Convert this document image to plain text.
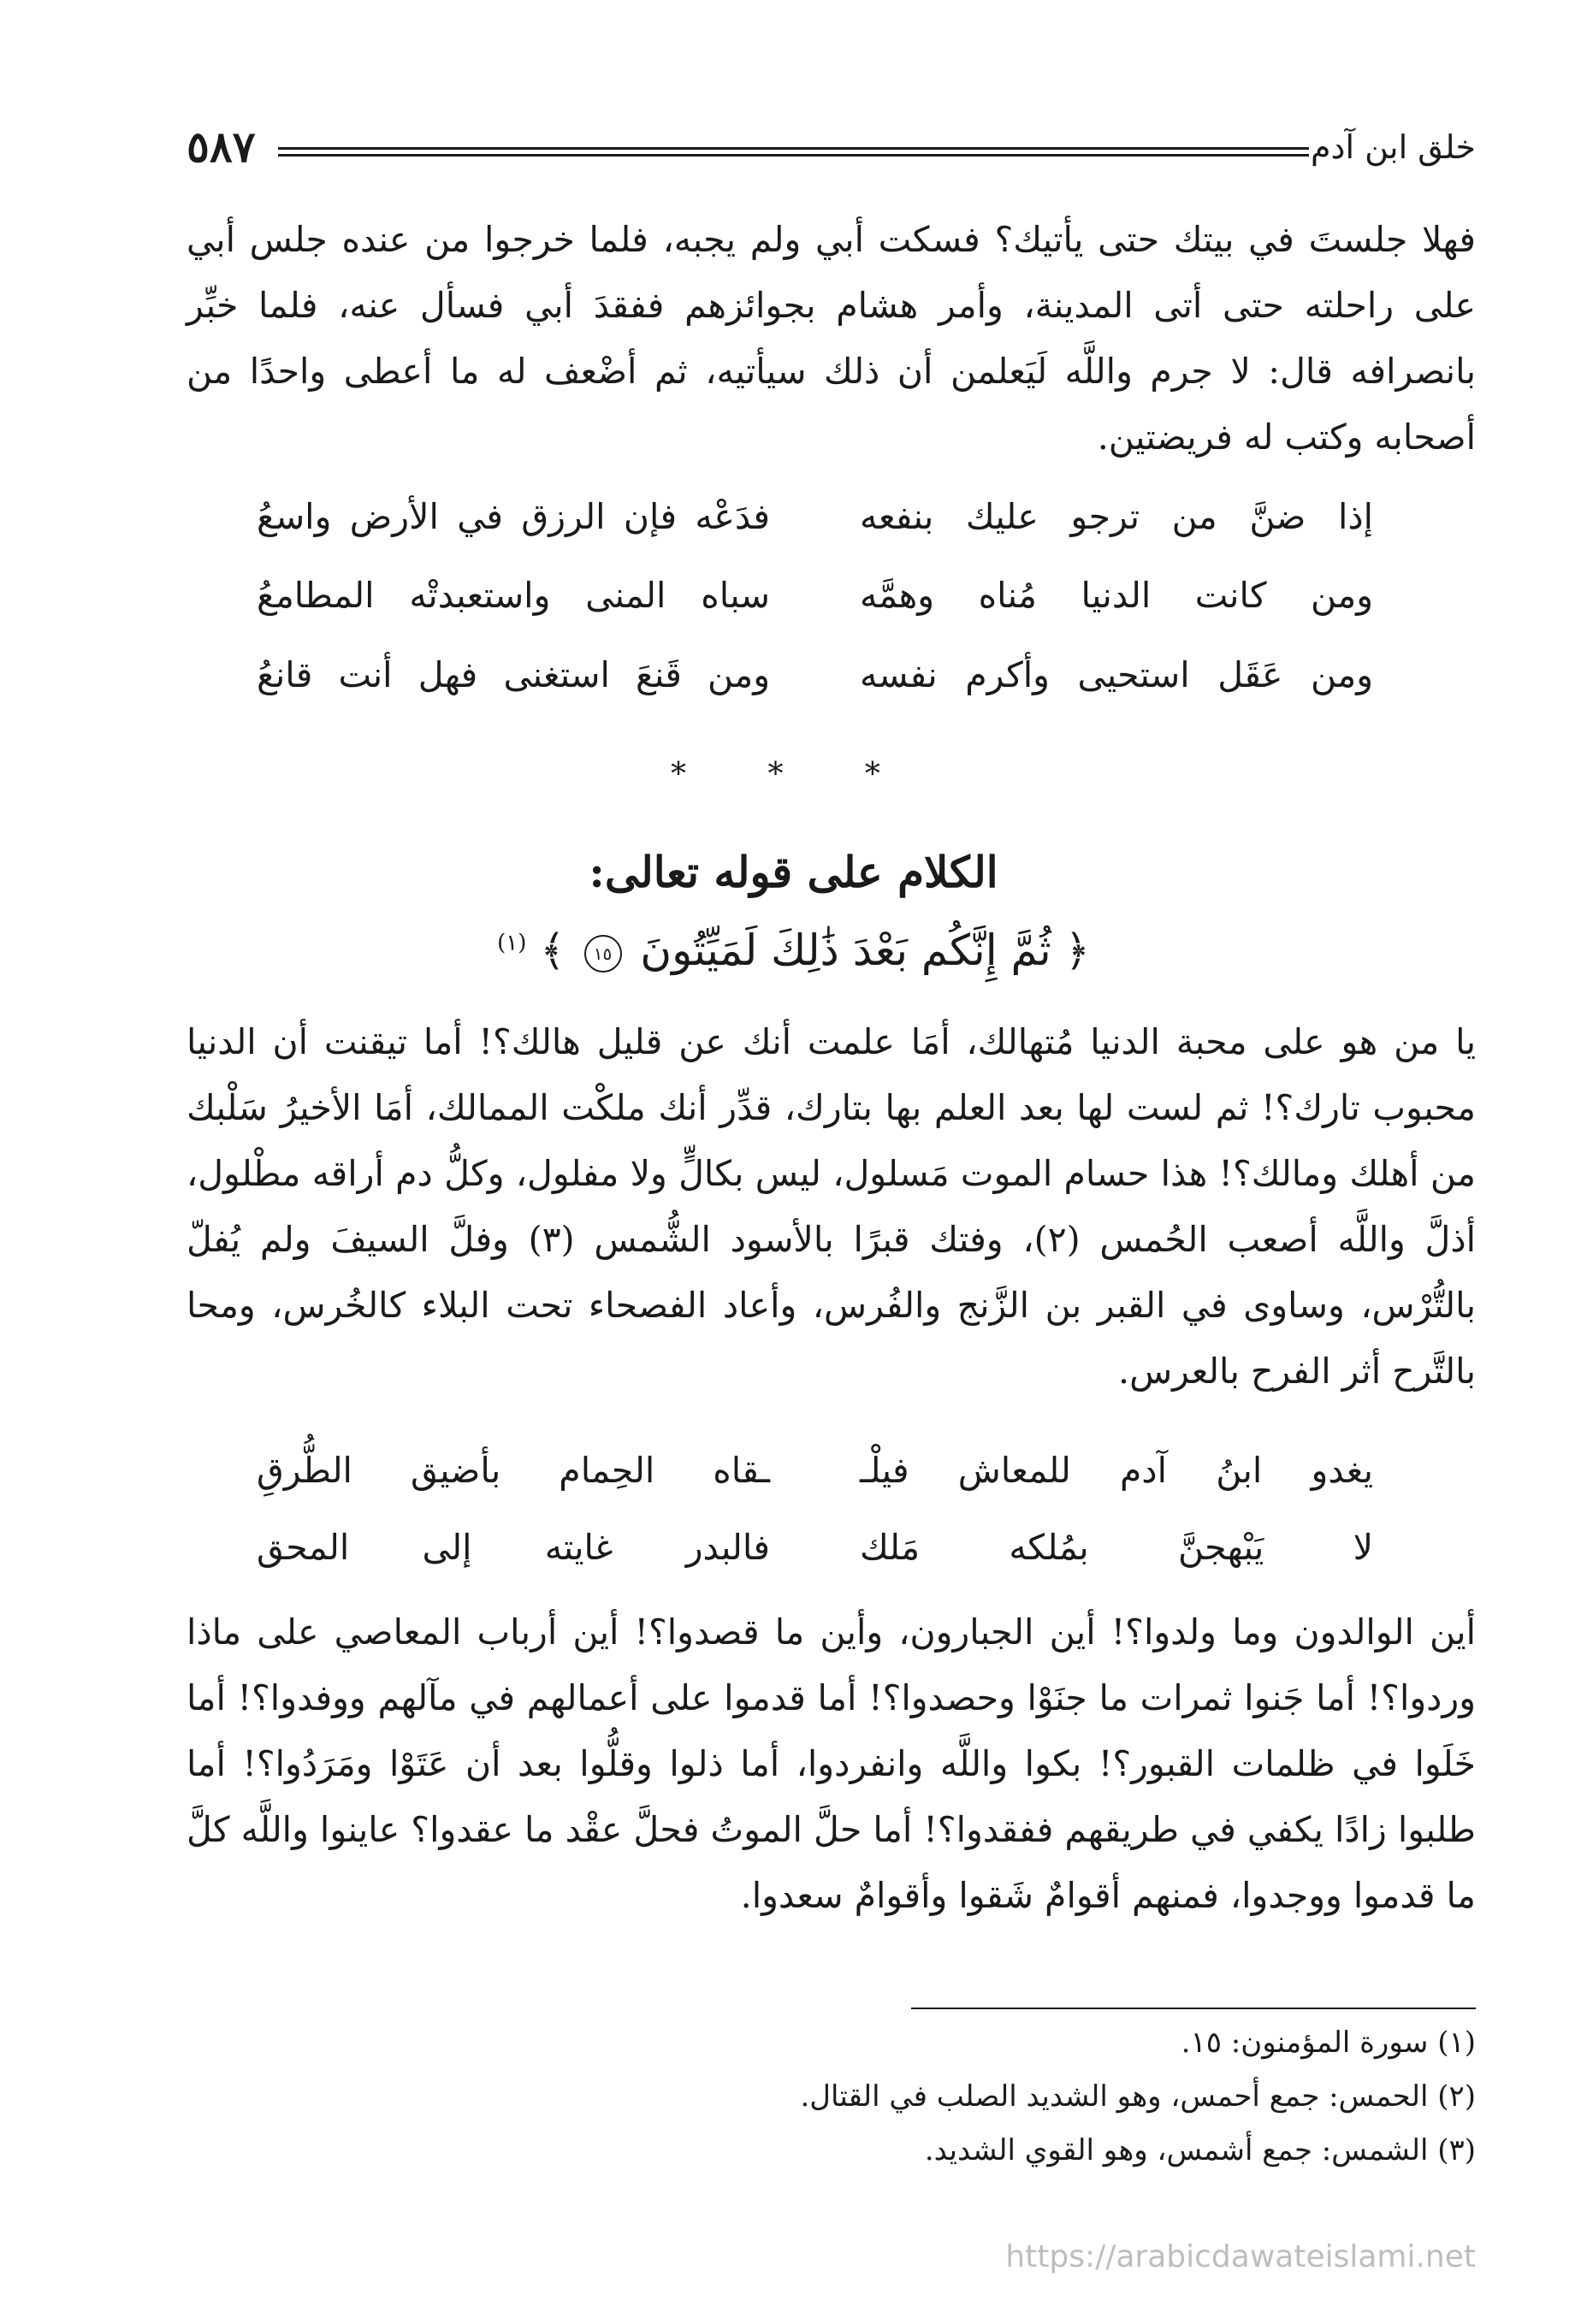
خلق ابن آدم
٥٨٧
فهلا جلستَ في بيتك حتى يأتيك؟ فسكت أبي ولم يجبه، فلما خرجوا من عنده جلس أبي على راحلته حتى أتى المدينة، وأمر هشام بجوائزهم ففقدَ أبي فسأل عنه، فلما خبِّر بانصرافه قال: لا جرم واللَّه لَيَعلمن أن ذلك سيأتيه، ثم أضْعف له ما أعطى واحدًا من أصحابه وكتب له فريضتين.
إذا ضنَّ من ترجو عليك بنفعه
فدَعْه فإن الرزق في الأرض واسعُ
ومن كانت الدنيا مُناه وهمَّه
سباه المنى واستعبدتْه المطامعُ
ومن عَقَل استحيى وأكرم نفسه
ومن قَنعَ استغنى فهل أنت قانعُ
* * *
الكلام على قوله تعالى:
﴿ ثُمَّ إِنَّكُم بَعْدَ ذَٰلِكَ لَمَيِّتُونَ ١٥ ﴾ $^{(١)}$
يا من هو على محبة الدنيا مُتهالك، أمَا علمت أنك عن قليل هالك؟! أما تيقنت أن الدنيا محبوب تارك؟! ثم لست لها بعد العلم بها بتارك، قدِّر أنك ملكْت الممالك، أمَا الأخيرُ سَلْبك من أهلك ومالك؟! هذا حسام الموت مَسلول، ليس بكالٍّ ولا مفلول، وكلُّ دم أراقه مطْلول، أذلَّ واللَّه أصعب الحُمس (٢)، وفتك قبرًا بالأسود الشُّمس (٣) وفلَّ السيفَ ولم يُفلّ بالتُّرْس، وساوى في القبر بن الزَّنج والفُرس، وأعاد الفصحاء تحت البلاء كالخُرس، ومحا بالتَّرح أثر الفرح بالعرس.
يغدو ابنُ آدم للمعاش فيلْـ
ـقاه الحِمام بأضيق الطُّرقِ
لا يَبْهجنَّ بمُلكه مَلك
فالبدر غايته إلى المحق
أين الوالدون وما ولدوا؟! أين الجبارون، وأين ما قصدوا؟! أين أرباب المعاصي على ماذا وردوا؟! أما جَنوا ثمرات ما جنَوْا وحصدوا؟! أما قدموا على أعمالهم في مآلهم ووفدوا؟! أما خَلَوا في ظلمات القبور؟! بكوا واللَّه وانفردوا، أما ذلوا وقلُّوا بعد أن عَتَوْا ومَرَدُوا؟! أما طلبوا زادًا يكفي في طريقهم ففقدوا؟! أما حلَّ الموتُ فحلَّ عقْد ما عقدوا؟ عاينوا واللَّه كلَّ ما قدموا ووجدوا، فمنهم أقوامٌ شَقوا وأقوامٌ سعدوا.
(١) سورة المؤمنون: ١٥.
(٢) الحمس: جمع أحمس، وهو الشديد الصلب في القتال.
(٣) الشمس: جمع أشمس، وهو القوي الشديد.
https://arabicdawateislami.net
